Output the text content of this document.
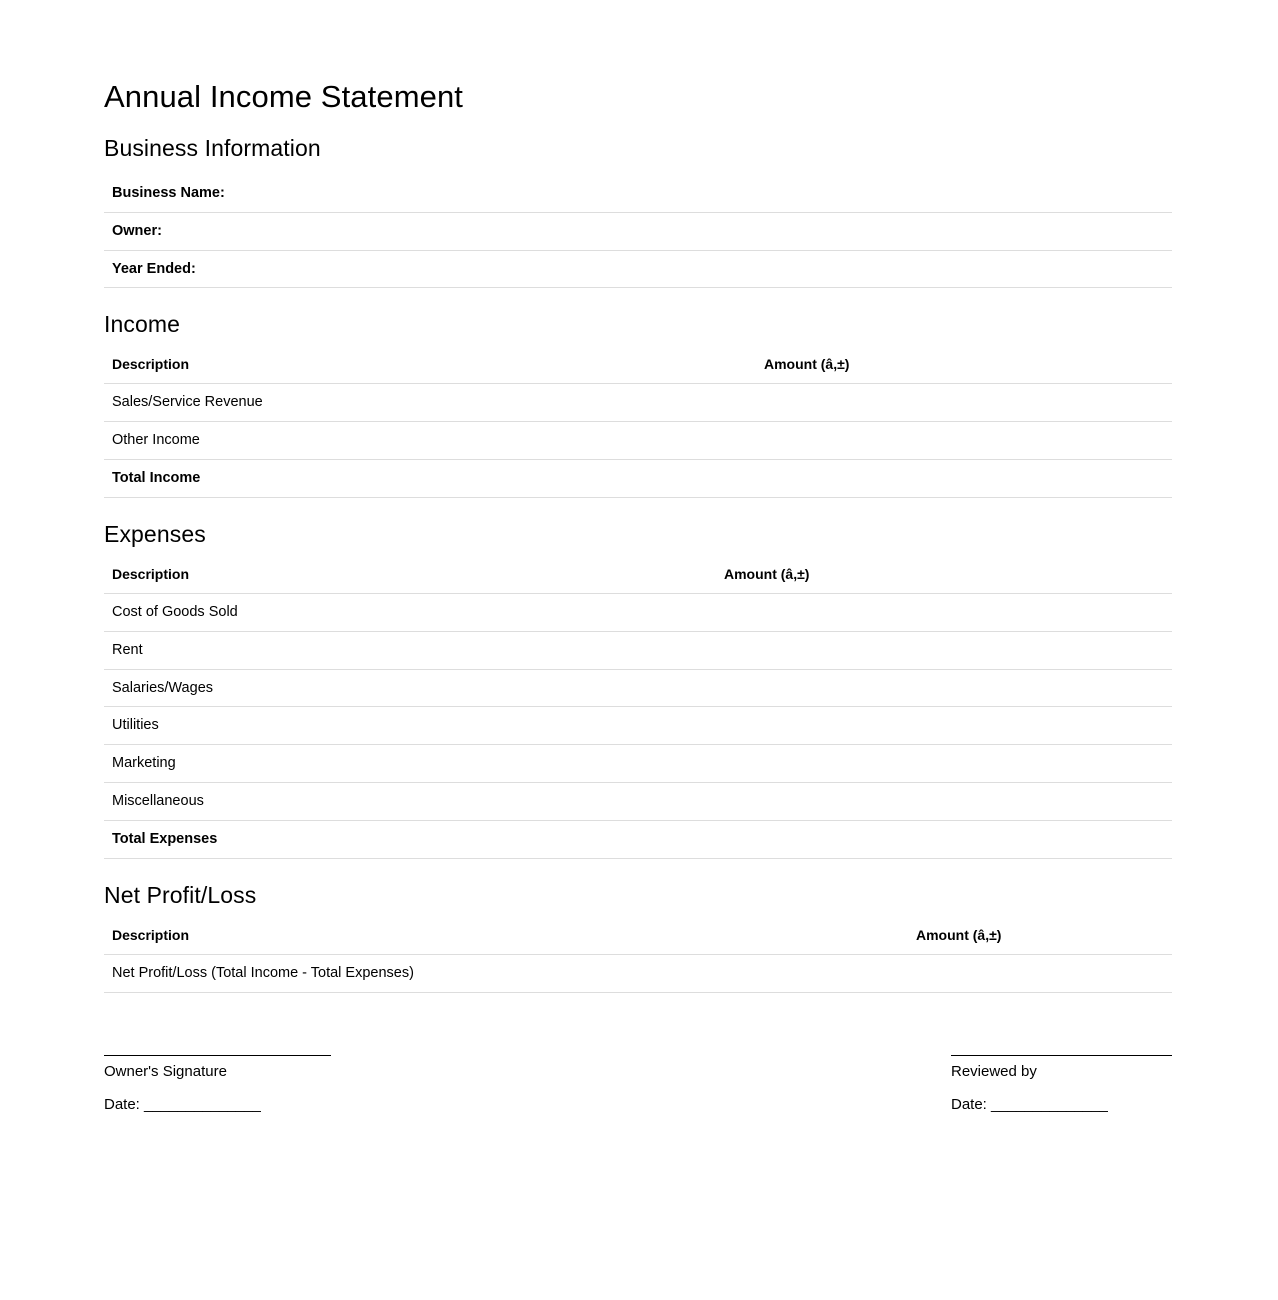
Annual Income Statement
Business Information
Business Name:	
Owner:	
Year Ended:	
Income
Description	Amount (â,±)
Sales/Service Revenue	
Other Income	
Total Income	
Expenses
Description	Amount (â,±)
Cost of Goods Sold	
Rent	
Salaries/Wages	
Utilities	
Marketing	
Miscellaneous	
Total Expenses	
Net Profit/Loss
Description	Amount (â,±)
Net Profit/Loss (Total Income - Total Expenses)	
Owner's Signature
Date: ______________
Reviewed by
Date: ______________
